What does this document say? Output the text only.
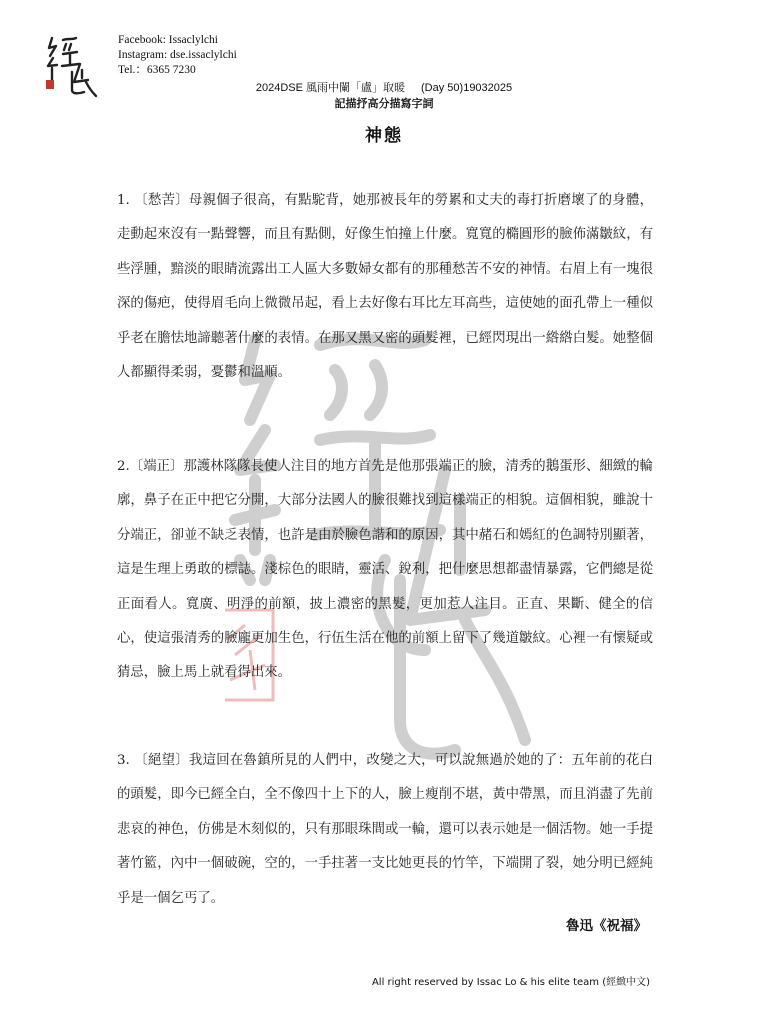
Facebook: Issaclylchi
Instagram: dse.issaclylchi
Tel.：6365 7230
2024DSE 風雨中闌「盧」取暖 (Day 50)19032025
記描抒高分描寫字詞
神態

1. 〔愁苦〕母親個子很高，有點駝背，她那被長年的勞累和丈夫的毒打折磨壞了的身體，走動起來沒有一點聲響，而且有點側，好像生怕撞上什麼。寬寬的橢圓形的臉佈滿皺紋，有些浮腫，黯淡的眼睛流露出工人區大多數婦女都有的那種愁苦不安的神情。右眉上有一塊很深的傷疤，使得眉毛向上微微吊起，看上去好像右耳比左耳高些，這使她的面孔帶上一種似乎老在膽怯地諦聽著什麼的表情。在那又黑又密的頭髮裡，已經閃現出一綹綹白髮。她整個人都顯得柔弱，憂鬱和溫順。

2.〔端正〕那護林隊隊長使人注目的地方首先是他那張端正的臉，清秀的鵝蛋形、細緻的輪廓，鼻子在正中把它分開，大部分法國人的臉很難找到這樣端正的相貌。這個相貌，雖說十分端正，卻並不缺乏表情，也許是由於臉色諧和的原因，其中赭石和嫣紅的色調特別顯著，這是生理上勇敢的標誌。淺棕色的眼睛，靈活、銳利，把什麼思想都盡情暴露，它們總是從正面看人。寬廣、明淨的前額，披上濃密的黑髮，更加惹人注目。正直、果斷、健全的信心，使這張清秀的臉龐更加生色，行伍生活在他的前額上留下了幾道皺紋。心裡一有懷疑或猜忌，臉上馬上就看得出來。

3. 〔絕望〕我這回在魯鎮所見的人們中，改變之大，可以說無過於她的了：五年前的花白的頭髮，即今已經全白，全不像四十上下的人，臉上瘦削不堪，黃中帶黑，而且消盡了先前悲哀的神色，仿佛是木刻似的，只有那眼珠間或一輪，還可以表示她是一個活物。她一手提著竹籃，內中一個破碗，空的，一手拄著一支比她更長的竹竿，下端開了裂，她分明已經純乎是一個乞丐了。

魯迅《祝福》
All right reserved by Issac Lo & his elite team (經緻中文)
